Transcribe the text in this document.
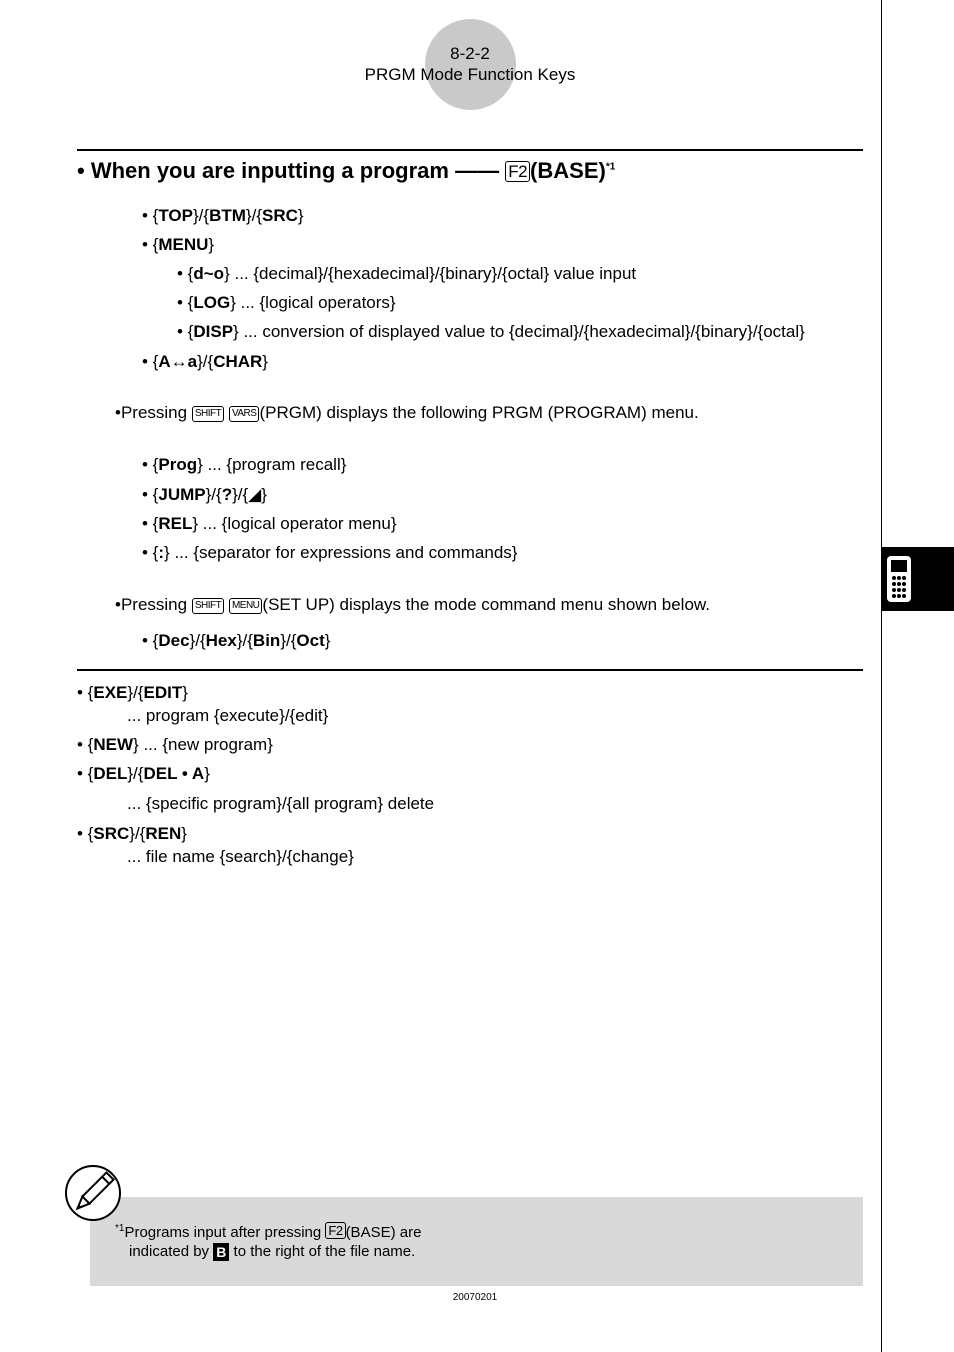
8-2-2
PRGM Mode Function Keys
• When you are inputting a program —— F2 (BASE)$^{*1}$
• {TOP}/{BTM}/{SRC}
• {MENU}
• {d~o} ... {decimal}/{hexadecimal}/{binary}/{octal} value input
• {LOG} ... {logical operators}
• {DISP} ... conversion of displayed value to {decimal}/{hexadecimal}/{binary}/{octal}
• {A↔a}/{CHAR}
•Pressing SHIFT VARS (PRGM) displays the following PRGM (PROGRAM) menu.
• {Prog} ... {program recall}
• {JUMP}/{?}/{◢}
• {REL} ... {logical operator menu}
• {:} ... {separator for expressions and commands}
•Pressing SHIFT MENU (SET UP) displays the mode command menu shown below.
• {Dec}/{Hex}/{Bin}/{Oct}
• {EXE}/{EDIT}
... program {execute}/{edit}
• {NEW} ... {new program}
• {DEL}/{DEL • A}
... {specific program}/{all program} delete
• {SRC}/{REN}
... file name {search}/{change}
$^{*1}$Programs input after pressing F2 (BASE) are
indicated by B to the right of the file name.
20070201
